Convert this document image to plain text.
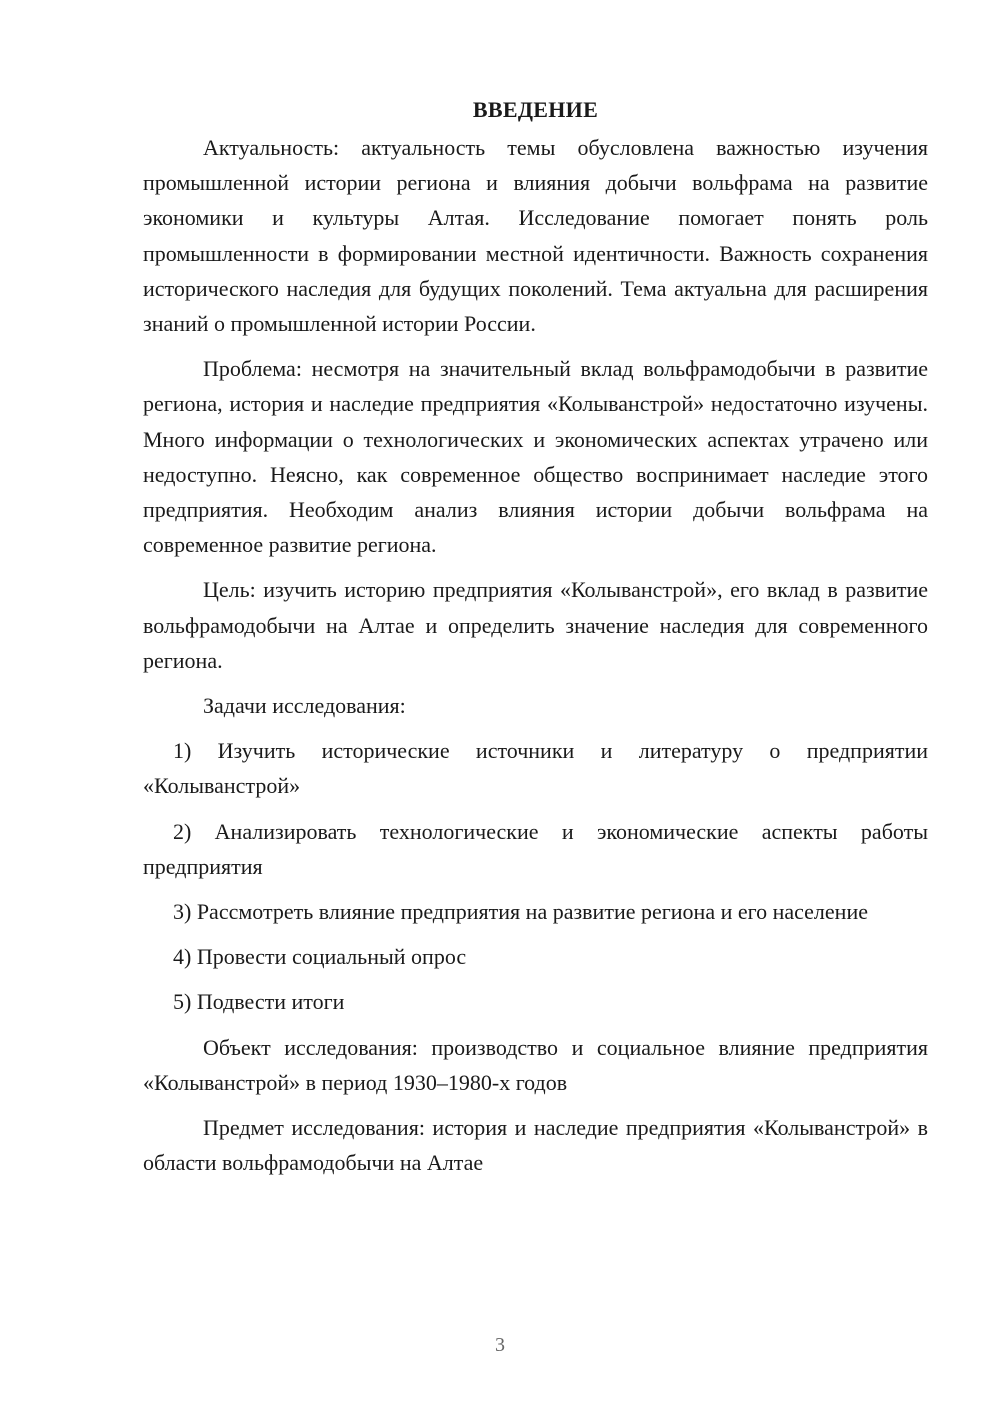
ВВЕДЕНИЕ

Актуальность: актуальность темы обусловлена важностью изучения промышленной истории региона и влияния добычи вольфрама на развитие экономики и культуры Алтая. Исследование помогает понять роль промышленности в формировании местной идентичности. Важность сохранения исторического наследия для будущих поколений. Тема актуальна для расширения знаний о промышленной истории России.

Проблема: несмотря на значительный вклад вольфрамодобычи в развитие региона, история и наследие предприятия «Колыванстрой» недостаточно изучены. Много информации о технологических и экономических аспектах утрачено или недоступно. Неясно, как современное общество воспринимает наследие этого предприятия. Необходим анализ влияния истории добычи вольфрама на современное развитие региона.

Цель: изучить историю предприятия «Колыванстрой», его вклад в развитие вольфрамодобычи на Алтае и определить значение наследия для современного региона.

Задачи исследования:

1) Изучить исторические источники и литературу о предприятии «Колыванстрой»

2) Анализировать технологические и экономические аспекты работы предприятия

3) Рассмотреть влияние предприятия на развитие региона и его население

4) Провести социальный опрос

5) Подвести итоги

Объект исследования: производство и социальное влияние предприятия «Колыванстрой» в период 1930–1980-х годов

Предмет исследования: история и наследие предприятия «Колыванстрой» в области вольфрамодобычи на Алтае

3
